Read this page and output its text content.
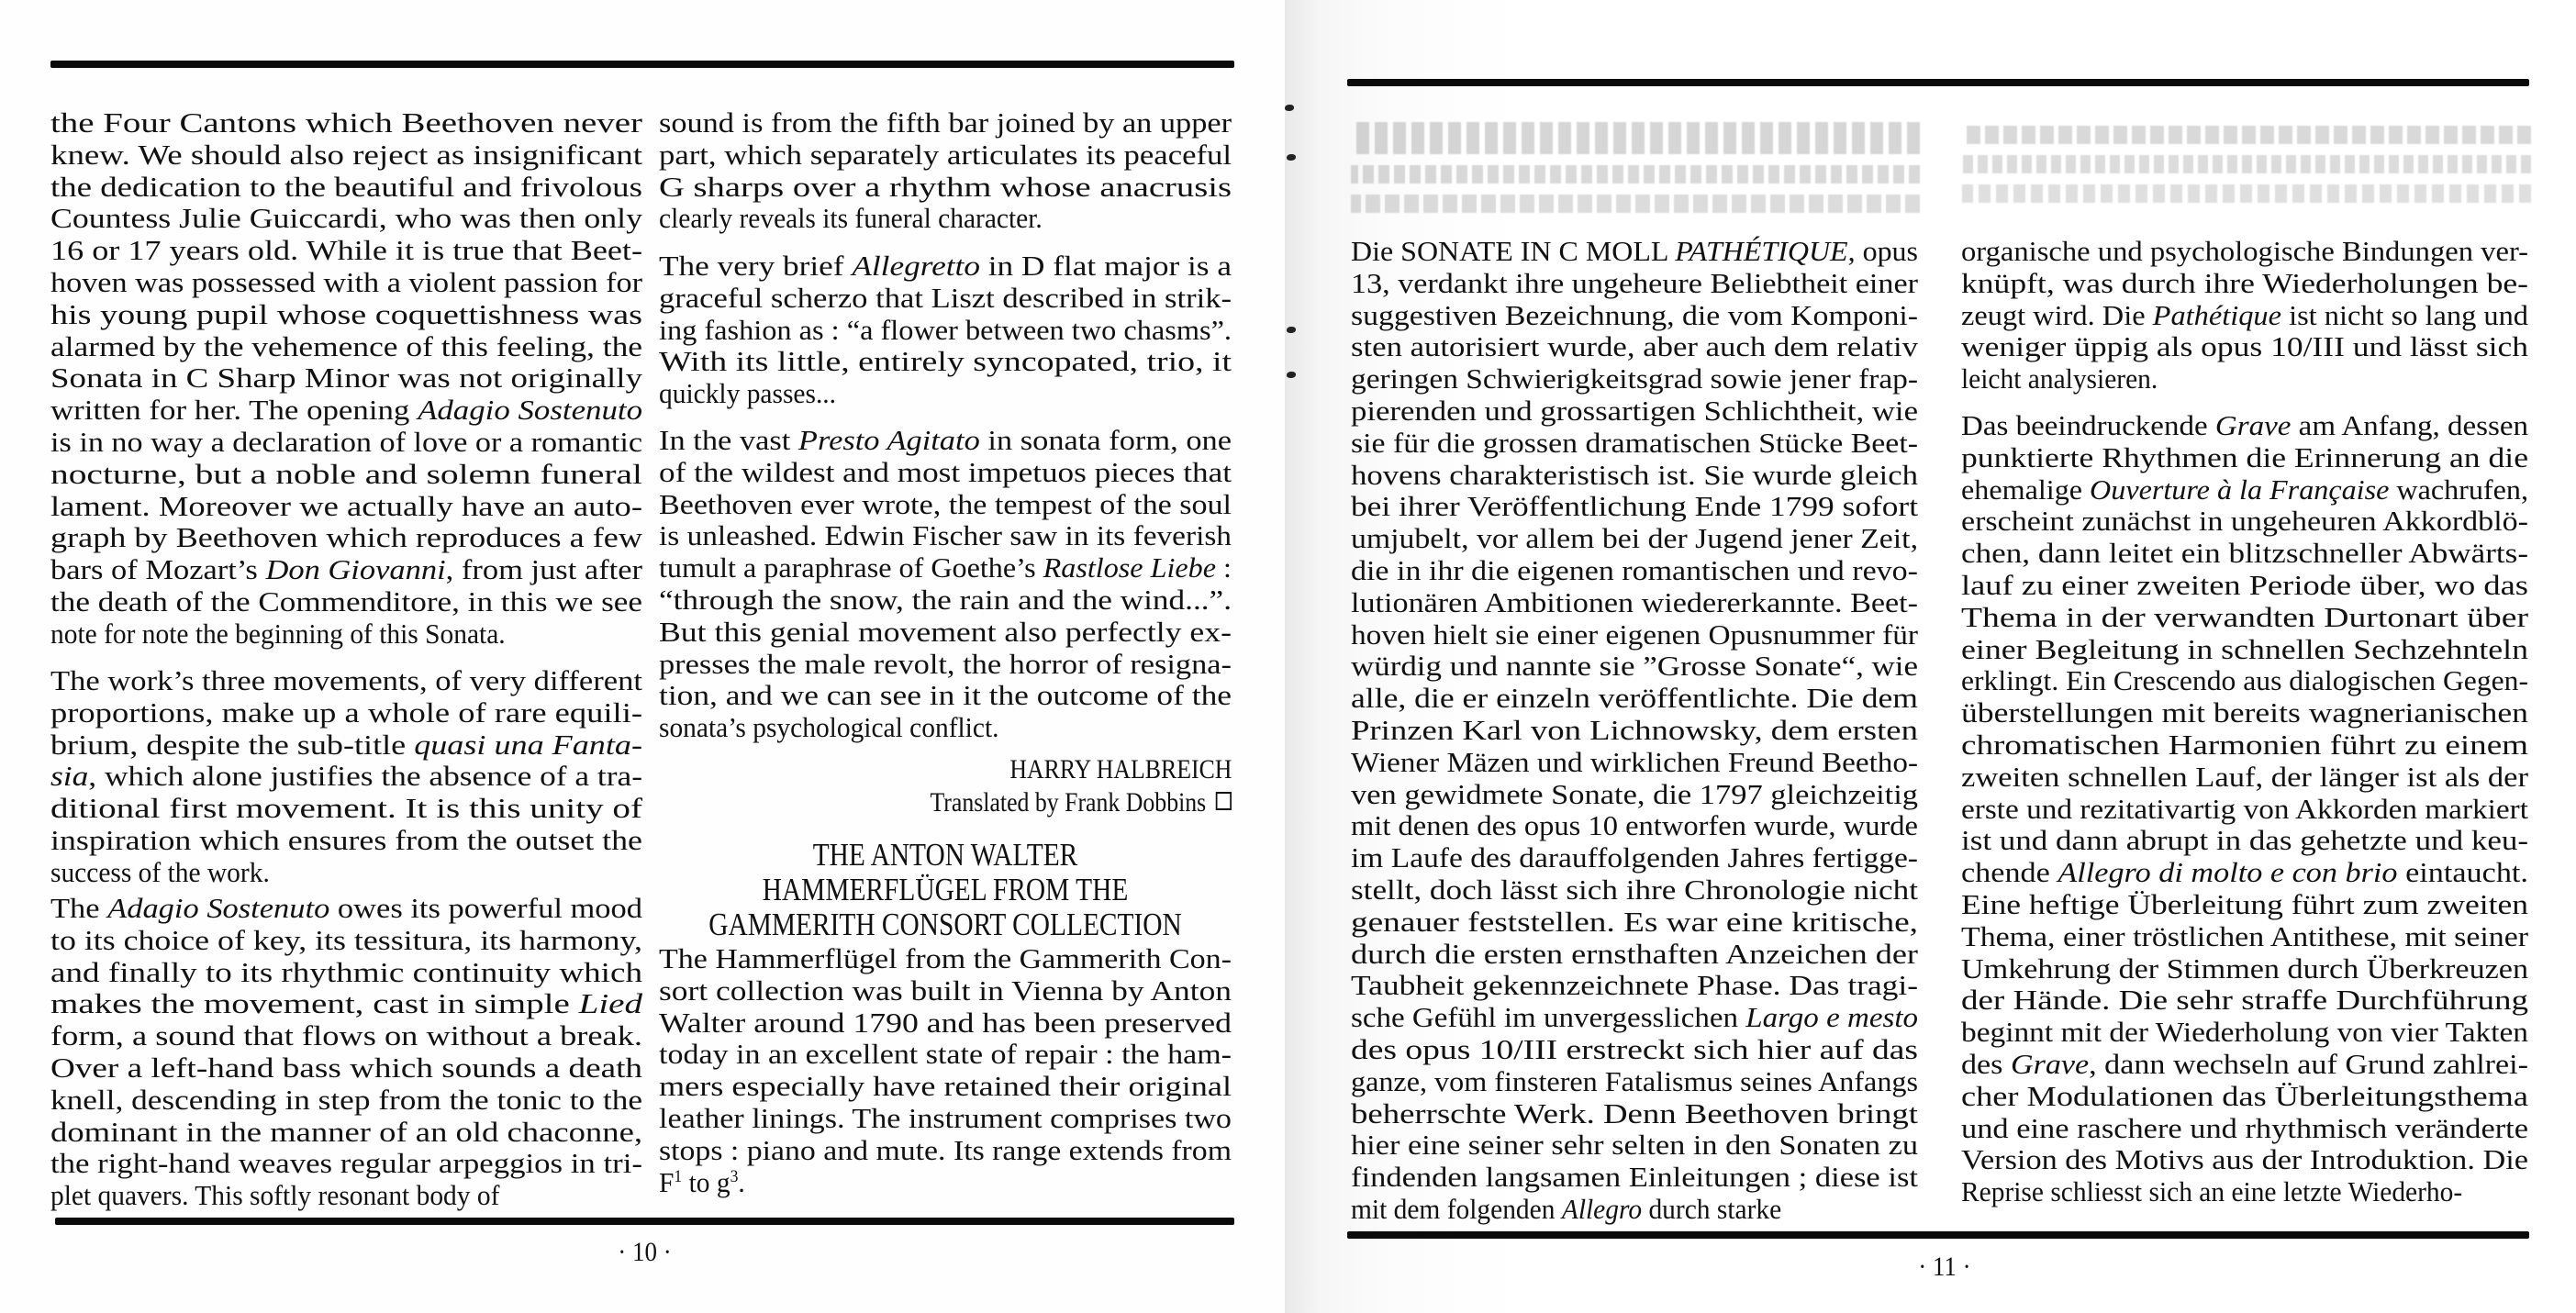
the Four Cantons which Beethoven never
knew. We should also reject as insignificant
the dedication to the beautiful and frivolous
Countess Julie Guiccardi, who was then only
16 or 17 years old. While it is true that Beet-
hoven was possessed with a violent passion for
his young pupil whose coquettishness was
alarmed by the vehemence of this feeling, the
Sonata in C Sharp Minor was not originally
written for her. The opening Adagio Sostenuto
is in no way a declaration of love or a romantic
nocturne, but a noble and solemn funeral
lament. Moreover we actually have an auto-
graph by Beethoven which reproduces a few
bars of Mozart’s Don Giovanni, from just after
the death of the Commenditore, in this we see
note for note the beginning of this Sonata.
The work’s three movements, of very different
proportions, make up a whole of rare equili-
brium, despite the sub-title quasi una Fanta-
sia, which alone justifies the absence of a tra-
ditional first movement. It is this unity of
inspiration which ensures from the outset the
success of the work.
The Adagio Sostenuto owes its powerful mood
to its choice of key, its tessitura, its harmony,
and finally to its rhythmic continuity which
makes the movement, cast in simple Lied
form, a sound that flows on without a break.
Over a left-hand bass which sounds a death
knell, descending in step from the tonic to the
dominant in the manner of an old chaconne,
the right-hand weaves regular arpeggios in tri-
plet quavers. This softly resonant body of
sound is from the fifth bar joined by an upper
part, which separately articulates its peaceful
G sharps over a rhythm whose anacrusis
clearly reveals its funeral character.
The very brief Allegretto in D flat major is a
graceful scherzo that Liszt described in strik-
ing fashion as : “a flower between two chasms”.
With its little, entirely syncopated, trio, it
quickly passes...
In the vast Presto Agitato in sonata form, one
of the wildest and most impetuos pieces that
Beethoven ever wrote, the tempest of the soul
is unleashed. Edwin Fischer saw in its feverish
tumult a paraphrase of Goethe’s Rastlose Liebe :
“through the snow, the rain and the wind...”.
But this genial movement also perfectly ex-
presses the male revolt, the horror of resigna-
tion, and we can see in it the outcome of the
sonata’s psychological conflict.
HARRY HALBREICH
Translated by Frank Dobbins
THE ANTON WALTER
HAMMERFLÜGEL FROM THE
GAMMERITH CONSORT COLLECTION
The Hammerflügel from the Gammerith Con-
sort collection was built in Vienna by Anton
Walter around 1790 and has been preserved
today in an excellent state of repair : the ham-
mers especially have retained their original
leather linings. The instrument comprises two
stops : piano and mute. Its range extends from
$F^1$ to $g^3$.
· 10 ·
Die SONATE IN C MOLL PATHÉTIQUE, opus
13, verdankt ihre ungeheure Beliebtheit einer
suggestiven Bezeichnung, die vom Komponi-
sten autorisiert wurde, aber auch dem relativ
geringen Schwierigkeitsgrad sowie jener frap-
pierenden und grossartigen Schlichtheit, wie
sie für die grossen dramatischen Stücke Beet-
hovens charakteristisch ist. Sie wurde gleich
bei ihrer Veröffentlichung Ende 1799 sofort
umjubelt, vor allem bei der Jugend jener Zeit,
die in ihr die eigenen romantischen und revo-
lutionären Ambitionen wiedererkannte. Beet-
hoven hielt sie einer eigenen Opusnummer für
würdig und nannte sie ”Grosse Sonate“, wie
alle, die er einzeln veröffentlichte. Die dem
Prinzen Karl von Lichnowsky, dem ersten
Wiener Mäzen und wirklichen Freund Beetho-
ven gewidmete Sonate, die 1797 gleichzeitig
mit denen des opus 10 entworfen wurde, wurde
im Laufe des darauffolgenden Jahres fertigge-
stellt, doch lässt sich ihre Chronologie nicht
genauer feststellen. Es war eine kritische,
durch die ersten ernsthaften Anzeichen der
Taubheit gekennzeichnete Phase. Das tragi-
sche Gefühl im unvergesslichen Largo e mesto
des opus 10/III erstreckt sich hier auf das
ganze, vom finsteren Fatalismus seines Anfangs
beherrschte Werk. Denn Beethoven bringt
hier eine seiner sehr selten in den Sonaten zu
findenden langsamen Einleitungen ; diese ist
mit dem folgenden Allegro durch starke
organische und psychologische Bindungen ver-
knüpft, was durch ihre Wiederholungen be-
zeugt wird. Die Pathétique ist nicht so lang und
weniger üppig als opus 10/III und lässt sich
leicht analysieren.
Das beeindruckende Grave am Anfang, dessen
punktierte Rhythmen die Erinnerung an die
ehemalige Ouverture à la Française wachrufen,
erscheint zunächst in ungeheuren Akkordblö-
chen, dann leitet ein blitzschneller Abwärts-
lauf zu einer zweiten Periode über, wo das
Thema in der verwandten Durtonart über
einer Begleitung in schnellen Sechzehnteln
erklingt. Ein Crescendo aus dialogischen Gegen-
überstellungen mit bereits wagnerianischen
chromatischen Harmonien führt zu einem
zweiten schnellen Lauf, der länger ist als der
erste und rezitativartig von Akkorden markiert
ist und dann abrupt in das gehetzte und keu-
chende Allegro di molto e con brio eintaucht.
Eine heftige Überleitung führt zum zweiten
Thema, einer tröstlichen Antithese, mit seiner
Umkehrung der Stimmen durch Überkreuzen
der Hände. Die sehr straffe Durchführung
beginnt mit der Wiederholung von vier Takten
des Grave, dann wechseln auf Grund zahlrei-
cher Modulationen das Überleitungsthema
und eine raschere und rhythmisch veränderte
Version des Motivs aus der Introduktion. Die
Reprise schliesst sich an eine letzte Wiederho-
· 11 ·
